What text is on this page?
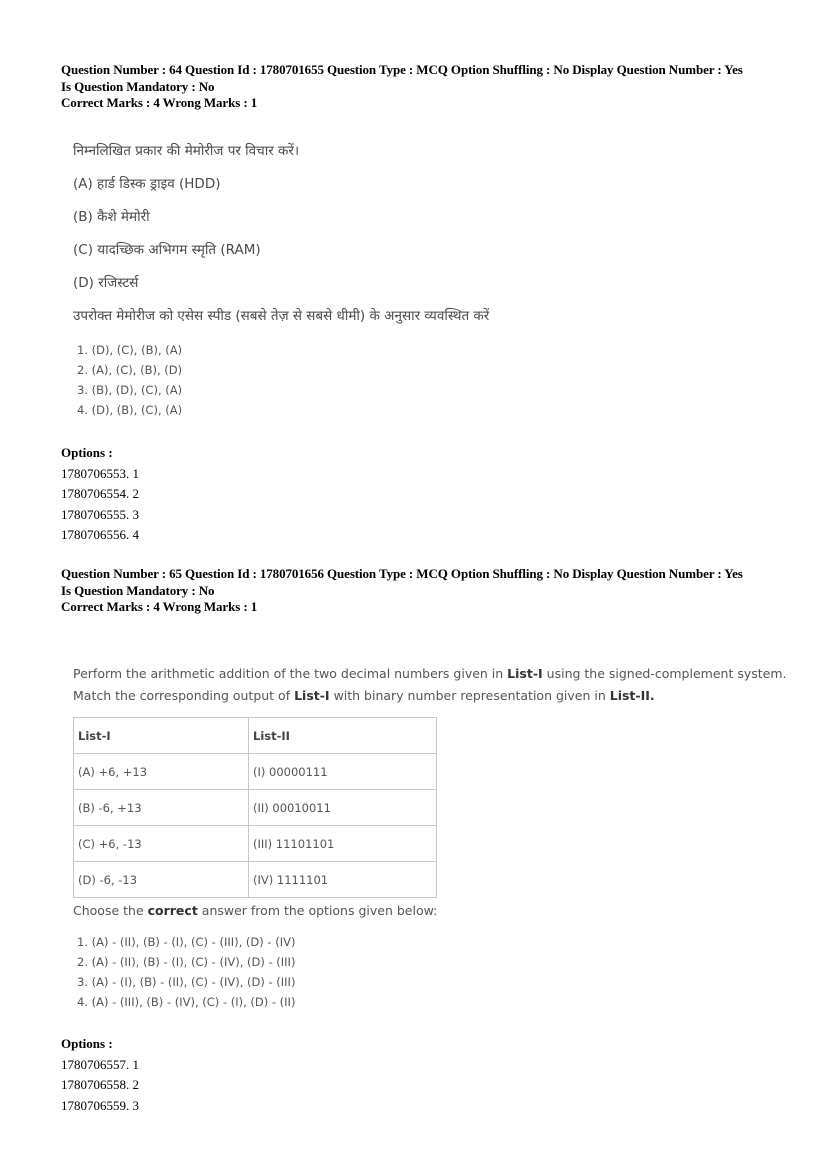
Question Number : 64 Question Id : 1780701655 Question Type : MCQ Option Shuffling : No Display Question Number : Yes
Is Question Mandatory : No
Correct Marks : 4 Wrong Marks : 1

निम्नलिखित प्रकार की मेमोरीज पर विचार करें।

(A) हार्ड डिस्क ड्राइव (HDD)

(B) कैशे मेमोरी

(C) यादच्छिक अभिगम स्मृति (RAM)

(D) रजिस्टर्स

उपरोक्त मेमोरीज को एसेस स्पीड (सबसे तेज़ से सबसे धीमी) के अनुसार व्यवस्थित करें

1. (D), (C), (B), (A)
2. (A), (C), (B), (D)
3. (B), (D), (C), (A)
4. (D), (B), (C), (A)
Options :
1780706553. 1
1780706554. 2
1780706555. 3
1780706556. 4
Question Number : 65 Question Id : 1780701656 Question Type : MCQ Option Shuffling : No Display Question Number : Yes
Is Question Mandatory : No
Correct Marks : 4 Wrong Marks : 1
Perform the arithmetic addition of the two decimal numbers given in List-I using the signed-complement system.
Match the corresponding output of List-I with binary number representation given in List-II.
List-I	List-II
(A) +6, +13	(I) 00000111
(B) -6, +13	(II) 00010011
(C) +6, -13	(III) 11101101
(D) -6, -13	(IV) 1111101
Choose the correct answer from the options given below:
1. (A) - (II), (B) - (I), (C) - (III), (D) - (IV)
2. (A) - (II), (B) - (I), (C) - (IV), (D) - (III)
3. (A) - (I), (B) - (II), (C) - (IV), (D) - (III)
4. (A) - (III), (B) - (IV), (C) - (I), (D) - (II)
Options :
1780706557. 1
1780706558. 2
1780706559. 3
